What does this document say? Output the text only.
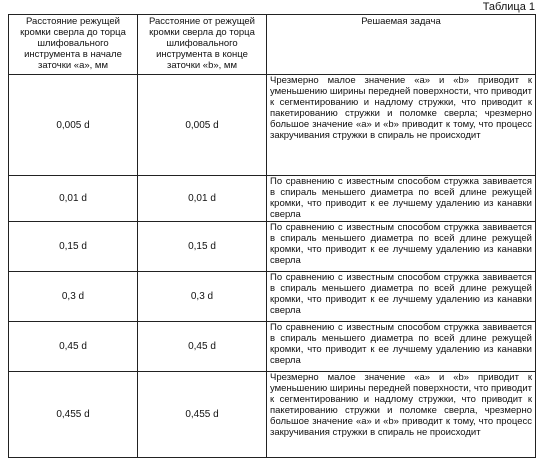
Таблица 1
Расстояние режущей кромки сверла до торца шлифовального инструмента в начале заточки «а», мм	Расстояние от режущей кромки сверла до торца шлифовального инструмента в конце заточки «b», мм	Решаемая задача
0,005 d	0,005 d	Чрезмерно малое значение «а» и «b» приводит к уменьшению ширины передней поверхности, что приводит к сегментированию и надлому стружки, что приводит к пакетированию стружки и поломке сверла; чрезмерно большое значение «а» и «b» приводит к тому, что процесс закручивания стружки в спираль не происходит
0,01 d	0,01 d	По сравнению с известным способом стружка завивается в спираль меньшего диаметра по всей длине режущей кромки, что приводит к ее лучшему удалению из канавки сверла
0,15 d	0,15 d	По сравнению с известным способом стружка завивается в спираль меньшего диаметра по всей длине режущей кромки, что приводит к ее лучшему удалению из канавки сверла
0,3 d	0,3 d	По сравнению с известным способом стружка завивается в спираль меньшего диаметра по всей длине режущей кромки, что приводит к ее лучшему удалению из канавки сверла
0,45 d	0,45 d	По сравнению с известным способом стружка завивается в спираль меньшего диаметра по всей длине режущей кромки, что приводит к ее лучшему удалению из канавки сверла
0,455 d	0,455 d	Чрезмерно малое значение «а» и «b» приводит к уменьшению ширины передней поверхности, что приводит к сегментированию и надлому стружки, что приводит к пакетированию стружки и поломке сверла, чрезмерно большое значение «а» и «b» приводит к тому, что процесс закручивания стружки в спираль не происходит
